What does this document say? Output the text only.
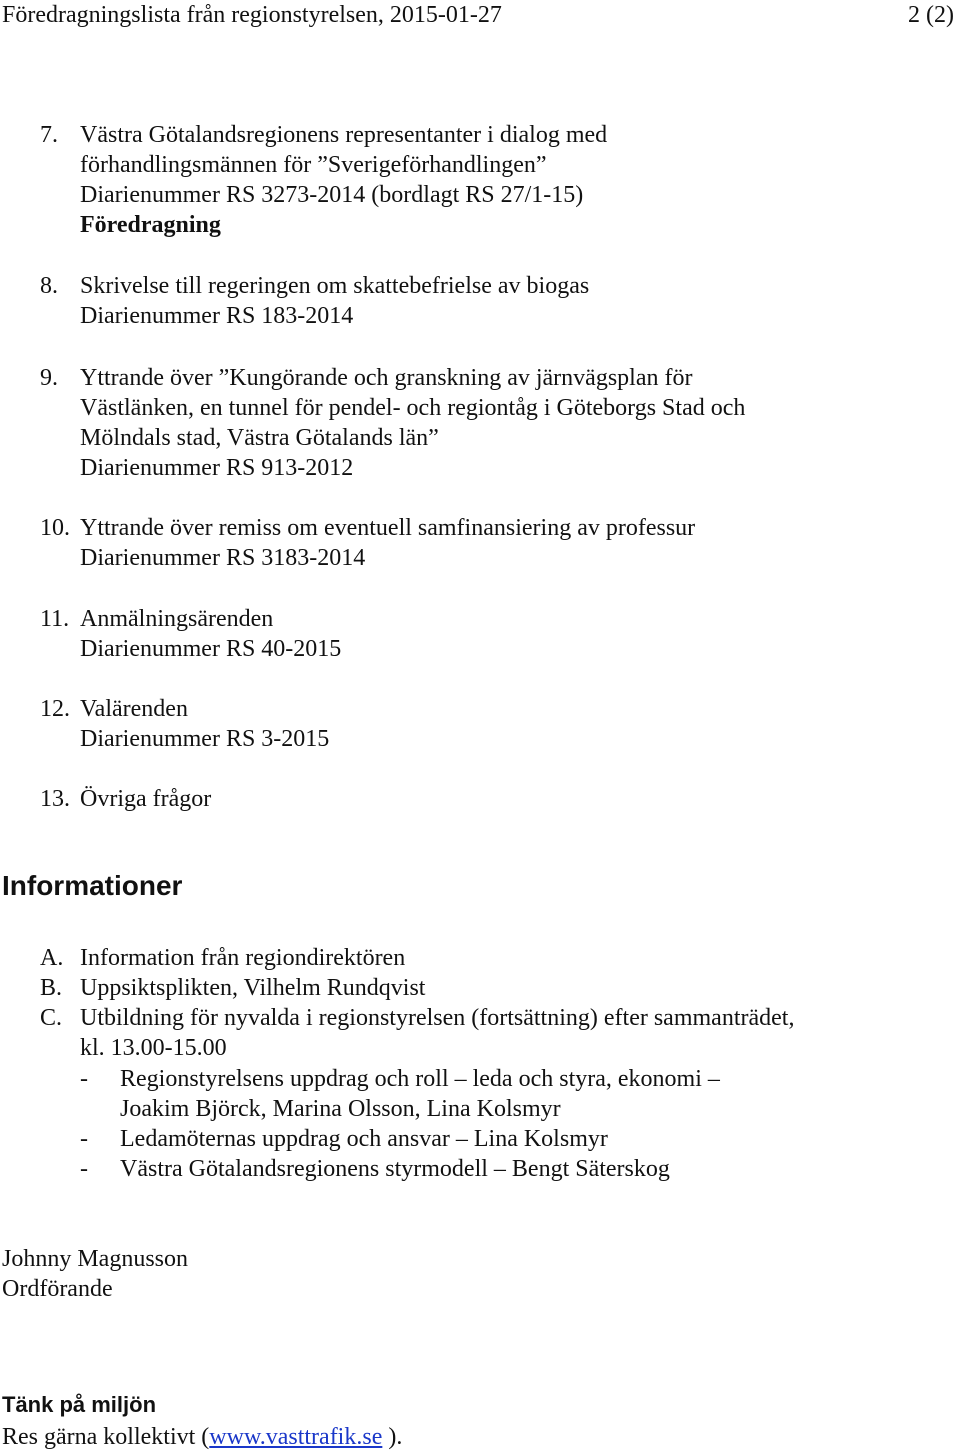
Föredragningslista från regionstyrelsen, 2015-01-27	2 (2)
7. Västra Götalandsregionens representanter i dialog med
förhandlingsmännen för ”Sverigeförhandlingen”
Diarienummer RS 3273-2014 (bordlagt RS 27/1-15)
Föredragning
8. Skrivelse till regeringen om skattebefrielse av biogas
Diarienummer RS 183-2014
9. Yttrande över ”Kungörande och granskning av järnvägsplan för
Västlänken, en tunnel för pendel- och regiontåg i Göteborgs Stad och
Mölndals stad, Västra Götalands län”
Diarienummer RS 913-2012
10. Yttrande över remiss om eventuell samfinansiering av professur
Diarienummer RS 3183-2014
11. Anmälningsärenden
Diarienummer RS 40-2015
12. Valärenden
Diarienummer RS 3-2015
13. Övriga frågor
Informationer
A. Information från regiondirektören
B. Uppsiktsplikten, Vilhelm Rundqvist
C. Utbildning för nyvalda i regionstyrelsen (fortsättning) efter sammanträdet,
kl. 13.00-15.00
- Regionstyrelsens uppdrag och roll – leda och styra, ekonomi –
Joakim Björck, Marina Olsson, Lina Kolsmyr
- Ledamöternas uppdrag och ansvar – Lina Kolsmyr
- Västra Götalandsregionens styrmodell – Bengt Säterskog
Johnny Magnusson
Ordförande
Tänk på miljön
Res gärna kollektivt (www.vasttrafik.se ).
